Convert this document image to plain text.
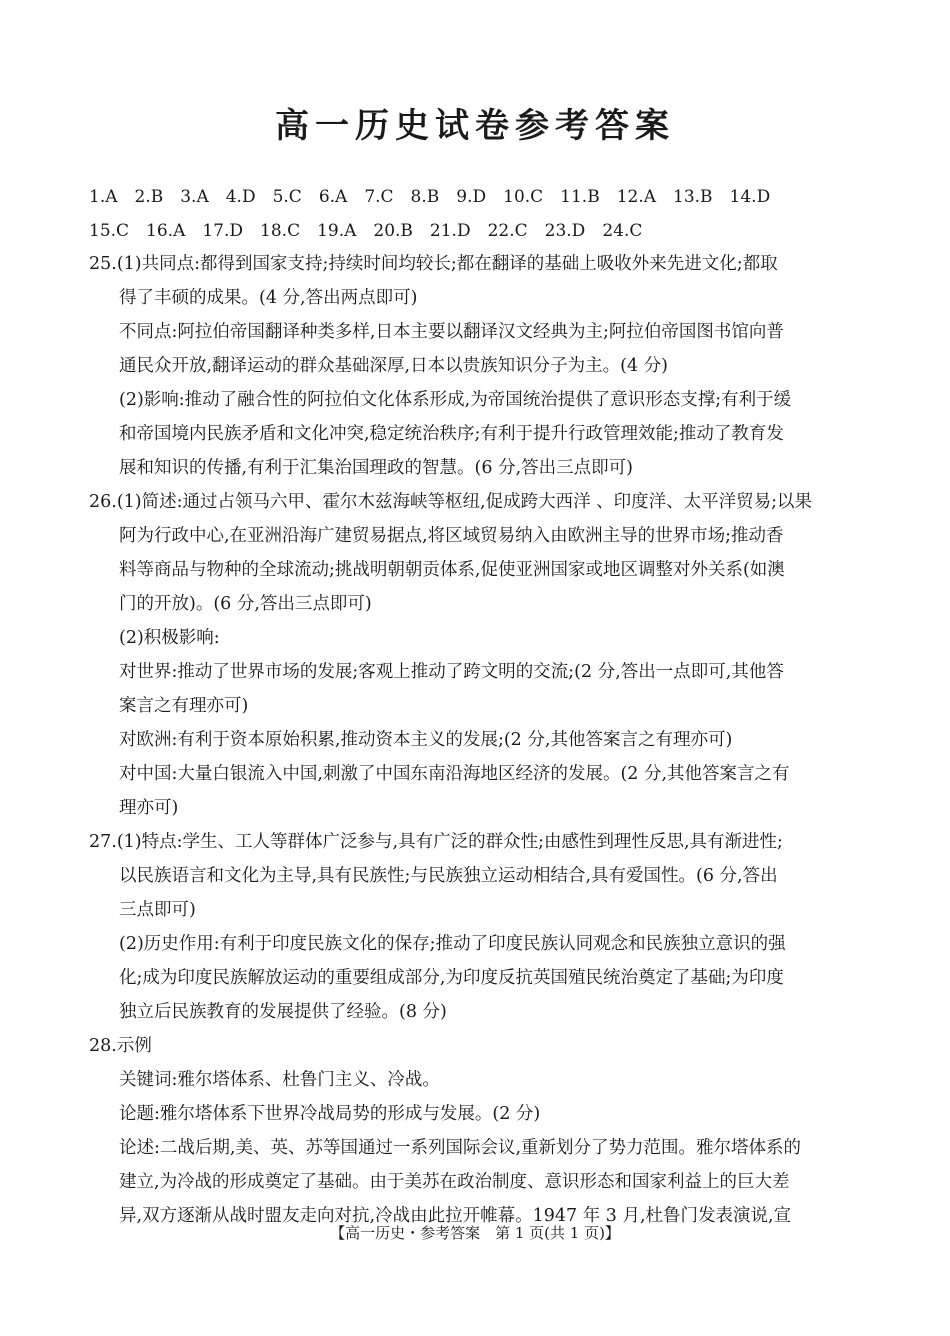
高一历史试卷参考答案
1.A 2.B 3.A 4.D 5.C 6.A 7.C 8.B 9.D 10.C 11.B 12.A 13.B 14.D
15.C 16.A 17.D 18.C 19.A 20.B 21.D 22.C 23.D 24.C
25.(1)共同点:都得到国家支持;持续时间均较长;都在翻译的基础上吸收外来先进文化;都取
得了丰硕的成果。(4 分,答出两点即可)
不同点:阿拉伯帝国翻译种类多样,日本主要以翻译汉文经典为主;阿拉伯帝国图书馆向普
通民众开放,翻译运动的群众基础深厚,日本以贵族知识分子为主。(4 分)
(2)影响:推动了融合性的阿拉伯文化体系形成,为帝国统治提供了意识形态支撑;有利于缓
和帝国境内民族矛盾和文化冲突,稳定统治秩序;有利于提升行政管理效能;推动了教育发
展和知识的传播,有利于汇集治国理政的智慧。(6 分,答出三点即可)
26.(1)简述:通过占领马六甲、霍尔木兹海峡等枢纽,促成跨大西洋 、印度洋、太平洋贸易;以果
阿为行政中心,在亚洲沿海广建贸易据点,将区域贸易纳入由欧洲主导的世界市场;推动香
料等商品与物种的全球流动;挑战明朝朝贡体系,促使亚洲国家或地区调整对外关系(如澳
门的开放)。(6 分,答出三点即可)
(2)积极影响:
对世界:推动了世界市场的发展;客观上推动了跨文明的交流;(2 分,答出一点即可,其他答
案言之有理亦可)
对欧洲:有利于资本原始积累,推动资本主义的发展;(2 分,其他答案言之有理亦可)
对中国:大量白银流入中国,刺激了中国东南沿海地区经济的发展。(2 分,其他答案言之有
理亦可)
27.(1)特点:学生、工人等群体广泛参与,具有广泛的群众性;由感性到理性反思,具有渐进性;
以民族语言和文化为主导,具有民族性;与民族独立运动相结合,具有爱国性。(6 分,答出
三点即可)
(2)历史作用:有利于印度民族文化的保存;推动了印度民族认同观念和民族独立意识的强
化;成为印度民族解放运动的重要组成部分,为印度反抗英国殖民统治奠定了基础;为印度
独立后民族教育的发展提供了经验。(8 分)
28.示例
关键词:雅尔塔体系、杜鲁门主义、冷战。
论题:雅尔塔体系下世界冷战局势的形成与发展。(2 分)
论述:二战后期,美、英、苏等国通过一系列国际会议,重新划分了势力范围。雅尔塔体系的
建立,为冷战的形成奠定了基础。由于美苏在政治制度、意识形态和国家利益上的巨大差
异,双方逐渐从战时盟友走向对抗,冷战由此拉开帷幕。1947 年 3 月,杜鲁门发表演说,宣
【高一历史・参考答案　第 1 页(共 1 页)】
